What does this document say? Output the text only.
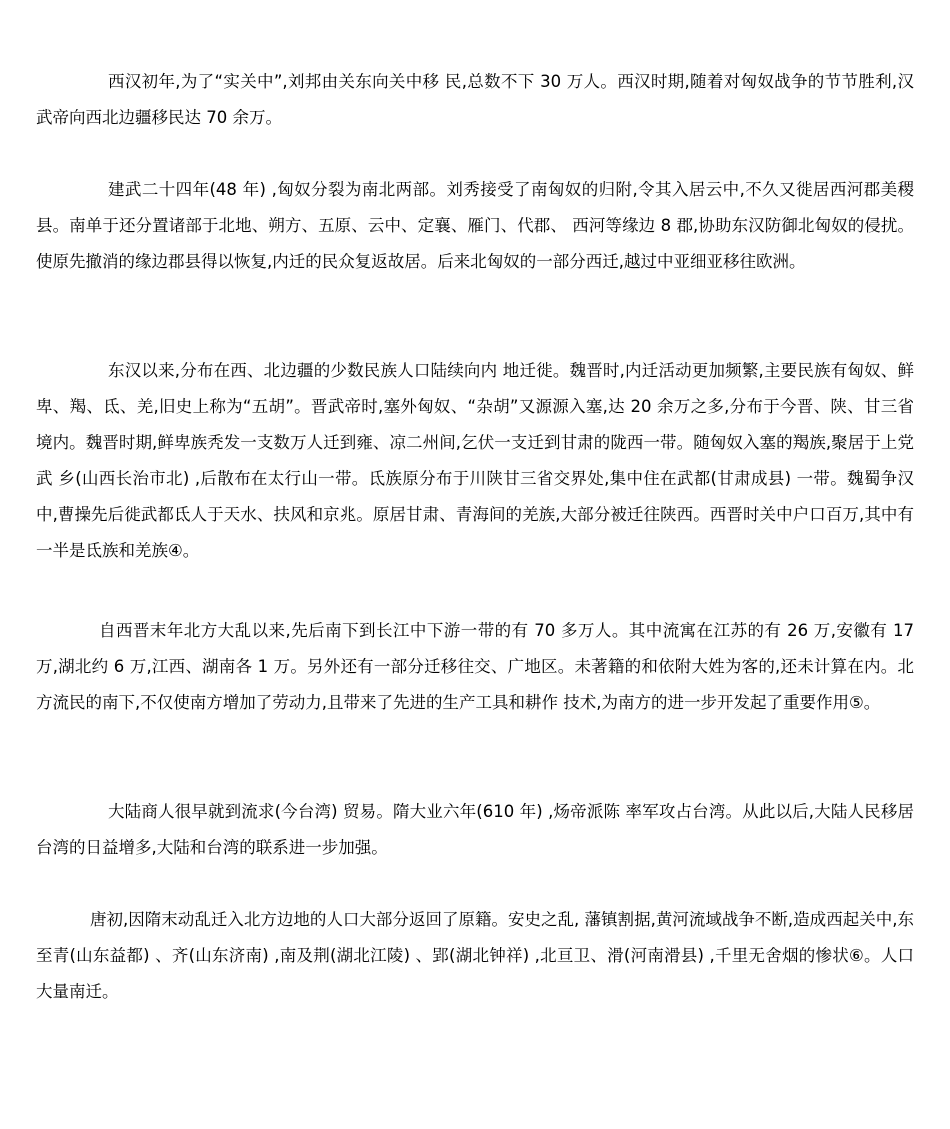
西汉初年,为了“实关中”,刘邦由关东向关中移 民,总数不下 30 万人。西汉时期,随着对匈奴战争的节节胜利,汉武帝向西北边疆移民达 70 余万。

建武二十四年(48 年) ,匈奴分裂为南北两部。刘秀接受了南匈奴的归附,令其入居云中,不久又徙居西河郡美稷县。南单于还分置诸部于北地、朔方、五原、云中、定襄、雁门、代郡、 西河等缘边 8 郡,协助东汉防御北匈奴的侵扰。使原先撤消的缘边郡县得以恢复,内迁的民众复返故居。后来北匈奴的一部分西迁,越过中亚细亚移往欧洲。

东汉以来,分布在西、北边疆的少数民族人口陆续向内 地迁徙。魏晋时,内迁活动更加频繁,主要民族有匈奴、鲜卑、羯、氐、羌,旧史上称为“五胡”。晋武帝时,塞外匈奴、“杂胡”又源源入塞,达 20 余万之多,分布于今晋、陕、甘三省境内。魏晋时期,鲜卑族秃发一支数万人迁到雍、凉二州间,乞伏一支迁到甘肃的陇西一带。随匈奴入塞的羯族,聚居于上党武 乡(山西长治市北) ,后散布在太行山一带。氐族原分布于川陕甘三省交界处,集中住在武都(甘肃成县) 一带。魏蜀争汉中,曹操先后徙武都氐人于天水、扶风和京兆。原居甘肃、青海间的羌族,大部分被迁往陕西。西晋时关中户口百万,其中有一半是氐族和羌族④。

自西晋末年北方大乱以来,先后南下到长江中下游一带的有 70 多万人。其中流寓在江苏的有 26 万,安徽有 17 万,湖北约 6 万,江西、湖南各 1 万。另外还有一部分迁移往交、广地区。未著籍的和依附大姓为客的,还未计算在内。北方流民的南下,不仅使南方增加了劳动力,且带来了先进的生产工具和耕作 技术,为南方的进一步开发起了重要作用⑤。

大陆商人很早就到流求(今台湾) 贸易。隋大业六年(610 年) ,炀帝派陈 率军攻占台湾。从此以后,大陆人民移居台湾的日益增多,大陆和台湾的联系进一步加强。

唐初,因隋末动乱迁入北方边地的人口大部分返回了原籍。安史之乱, 藩镇割据,黄河流域战争不断,造成西起关中,东至青(山东益都) 、齐(山东济南) ,南及荆(湖北江陵) 、郢(湖北钟祥) ,北亘卫、滑(河南滑县) ,千里无舍烟的惨状⑥。人口大量南迁。
